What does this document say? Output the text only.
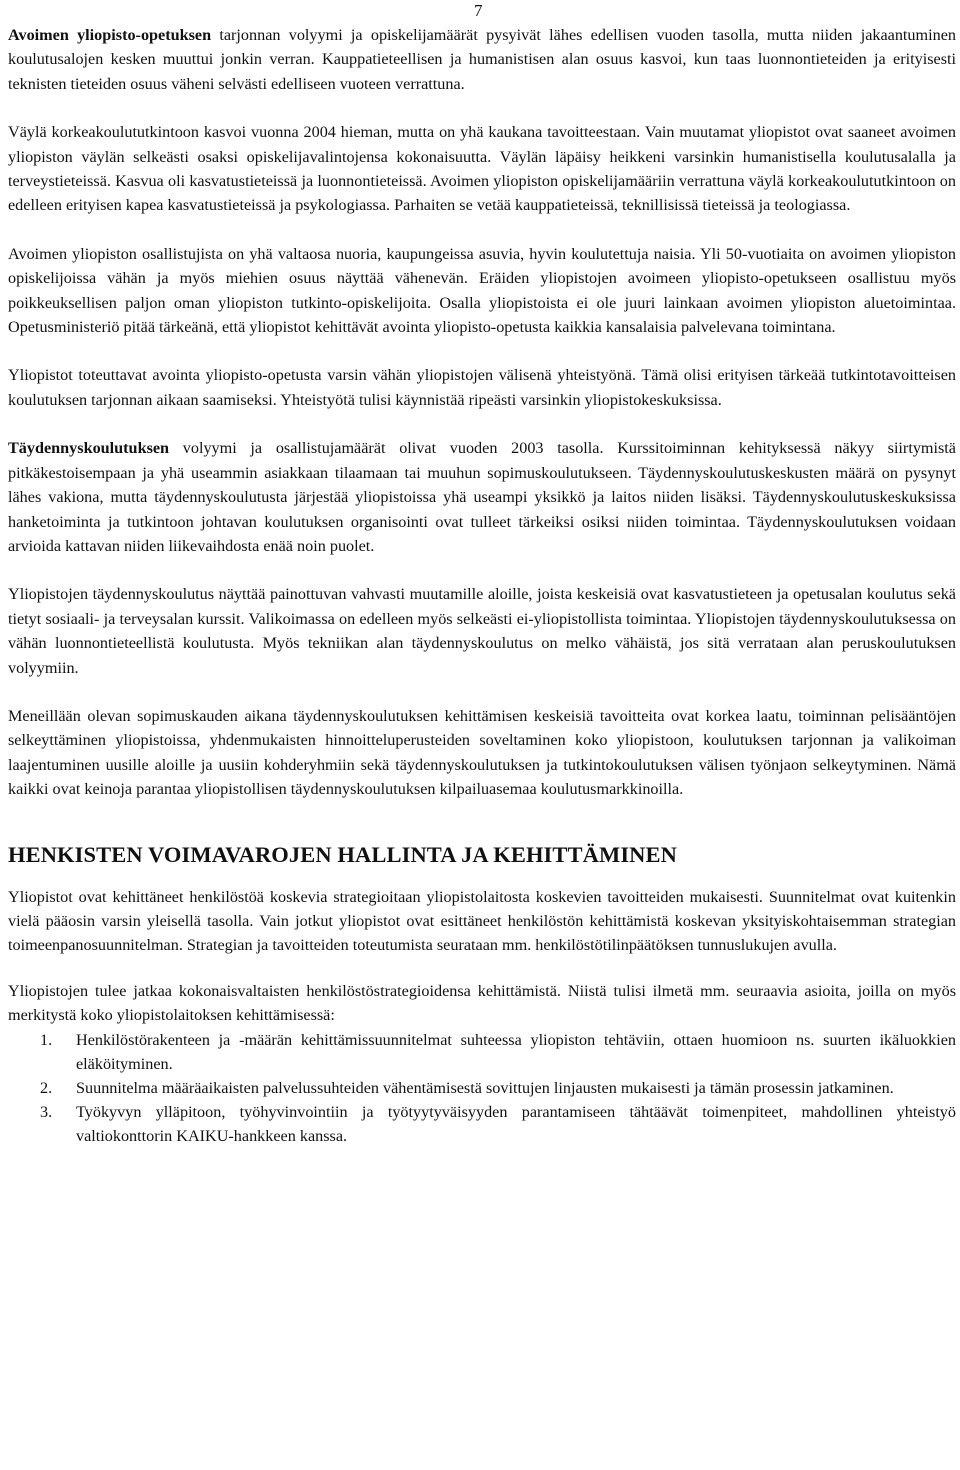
7

Avoimen yliopisto-opetuksen tarjonnan volyymi ja opiskelijamäärät pysyivät lähes edellisen vuoden tasolla, mutta niiden jakaantuminen koulutusalojen kesken muuttui jonkin verran. Kauppatieteellisen ja humanistisen alan osuus kasvoi, kun taas luonnontieteiden ja erityisesti teknisten tieteiden osuus väheni selvästi edelliseen vuoteen verrattuna.

Väylä korkeakoulututkintoon kasvoi vuonna 2004 hieman, mutta on yhä kaukana tavoitteestaan. Vain muutamat yliopistot ovat saaneet avoimen yliopiston väylän selkeästi osaksi opiskelijavalintojensa kokonaisuutta. Väylän läpäisy heikkeni varsinkin humanistisella koulutusalalla ja terveystieteissä. Kasvua oli kasvatustieteissä ja luonnontieteissä. Avoimen yliopiston opiskelijamääriin verrattuna väylä korkeakoulututkintoon on edelleen erityisen kapea kasvatustieteissä ja psykologiassa. Parhaiten se vetää kauppatieteissä, teknillisissä tieteissä ja teologiassa.

Avoimen yliopiston osallistujista on yhä valtaosa nuoria, kaupungeissa asuvia, hyvin koulutettuja naisia. Yli 50-vuotiaita on avoimen yliopiston opiskelijoissa vähän ja myös miehien osuus näyttää vähenevän. Eräiden yliopistojen avoimeen yliopisto-opetukseen osallistuu myös poikkeuksellisen paljon oman yliopiston tutkinto-opiskelijoita. Osalla yliopistoista ei ole juuri lainkaan avoimen yliopiston aluetoimintaa. Opetusministeriö pitää tärkeänä, että yliopistot kehittävät avointa yliopisto-opetusta kaikkia kansalaisia palvelevana toimintana.

Yliopistot toteuttavat avointa yliopisto-opetusta varsin vähän yliopistojen välisenä yhteistyönä. Tämä olisi erityisen tärkeää tutkintotavoitteisen koulutuksen tarjonnan aikaan saamiseksi. Yhteistyötä tulisi käynnistää ripeästi varsinkin yliopistokeskuksissa.

Täydennyskoulutuksen volyymi ja osallistujamäärät olivat vuoden 2003 tasolla. Kurssitoiminnan kehityksessä näkyy siirtymistä pitkäkestoisempaan ja yhä useammin asiakkaan tilaamaan tai muuhun sopimuskoulutukseen. Täydennyskoulutuskeskusten määrä on pysynyt lähes vakiona, mutta täydennyskoulutusta järjestää yliopistoissa yhä useampi yksikkö ja laitos niiden lisäksi. Täydennyskoulutuskeskuksissa hanketoiminta ja tutkintoon johtavan koulutuksen organisointi ovat tulleet tärkeiksi osiksi niiden toimintaa. Täydennyskoulutuksen voidaan arvioida kattavan niiden liikevaihdosta enää noin puolet.

Yliopistojen täydennyskoulutus näyttää painottuvan vahvasti muutamille aloille, joista keskeisiä ovat kasvatustieteen ja opetusalan koulutus sekä tietyt sosiaali- ja terveysalan kurssit. Valikoimassa on edelleen myös selkeästi ei-yliopistollista toimintaa. Yliopistojen täydennyskoulutuksessa on vähän luonnontieteellistä koulutusta. Myös tekniikan alan täydennyskoulutus on melko vähäistä, jos sitä verrataan alan peruskoulutuksen volyymiin.

Meneillään olevan sopimuskauden aikana täydennyskoulutuksen kehittämisen keskeisiä tavoitteita ovat korkea laatu, toiminnan pelisääntöjen selkeyttäminen yliopistoissa, yhdenmukaisten hinnoitteluperusteiden soveltaminen koko yliopistoon, koulutuksen tarjonnan ja valikoiman laajentuminen uusille aloille ja uusiin kohderyhmiin sekä täydennyskoulutuksen ja tutkintokoulutuksen välisen työnjaon selkeytyminen. Nämä kaikki ovat keinoja parantaa yliopistollisen täydennyskoulutuksen kilpailuasemaa koulutusmarkkinoilla.

HENKISTEN VOIMAVAROJEN HALLINTA JA KEHITTÄMINEN

Yliopistot ovat kehittäneet henkilöstöä koskevia strategioitaan yliopistolaitosta koskevien tavoitteiden mukaisesti. Suunnitelmat ovat kuitenkin vielä pääosin varsin yleisellä tasolla. Vain jotkut yliopistot ovat esittäneet henkilöstön kehittämistä koskevan yksityiskohtaisemman strategian toimeenpanosuunnitelman. Strategian ja tavoitteiden toteutumista seurataan mm. henkilöstötilinpäätöksen tunnuslukujen avulla.

Yliopistojen tulee jatkaa kokonaisvaltaisten henkilöstöstrategioidensa kehittämistä. Niistä tulisi ilmetä mm. seuraavia asioita, joilla on myös merkitystä koko yliopistolaitoksen kehittämisessä:

1. Henkilöstörakenteen ja -määrän kehittämissuunnitelmat suhteessa yliopiston tehtäviin, ottaen huomioon ns. suurten ikäluokkien eläköityminen.
2. Suunnitelma määräaikaisten palvelussuhteiden vähentämisestä sovittujen linjausten mukaisesti ja tämän prosessin jatkaminen.
3. Työkyvyn ylläpitoon, työhyvinvointiin ja työtyytyväisyyden parantamiseen tähtäävät toimenpiteet, mahdollinen yhteistyö valtiokonttorin KAIKU-hankkeen kanssa.
